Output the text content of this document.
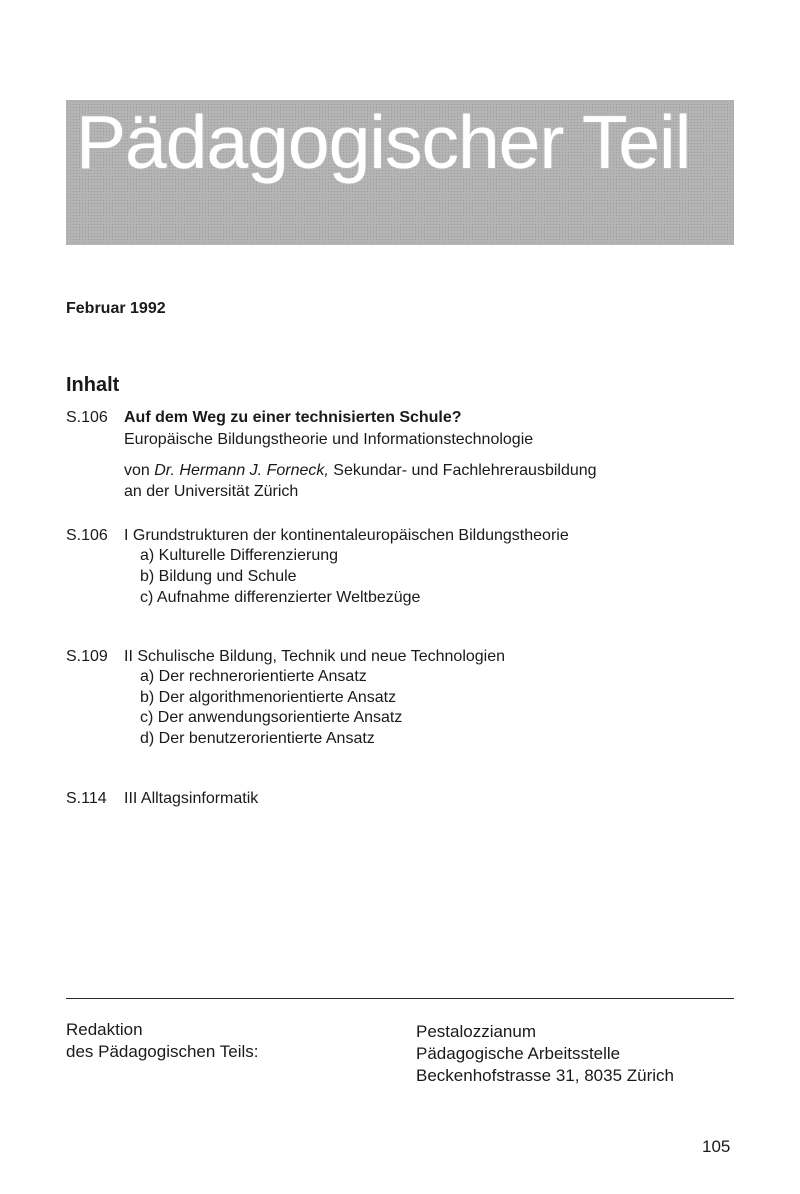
Pädagogischer Teil
Februar 1992
Inhalt
S.106 Auf dem Weg zu einer technisierten Schule?
Europäische Bildungstheorie und Informationstechnologie
von Dr. Hermann J. Forneck, Sekundar- und Fachlehrerausbildung
an der Universität Zürich
S.106 I Grundstrukturen der kontinentaleuropäischen Bildungstheorie
a) Kulturelle Differenzierung
b) Bildung und Schule
c) Aufnahme differenzierter Weltbezüge
S.109 II Schulische Bildung, Technik und neue Technologien
a) Der rechnerorientierte Ansatz
b) Der algorithmenorientierte Ansatz
c) Der anwendungsorientierte Ansatz
d) Der benutzerorientierte Ansatz
S.114 III Alltagsinformatik
Redaktion
des Pädagogischen Teils:
Pestalozzianum
Pädagogische Arbeitsstelle
Beckenhofstrasse 31, 8035 Zürich
105
